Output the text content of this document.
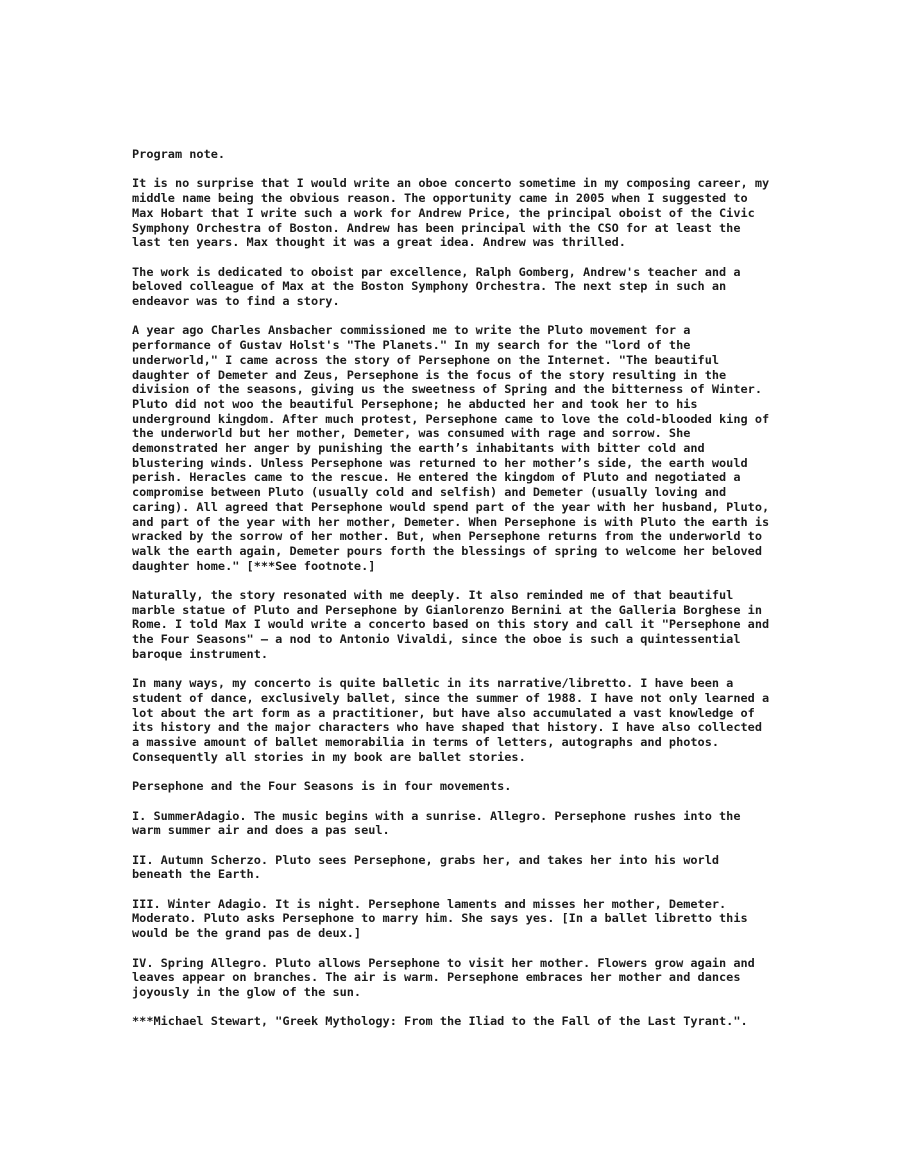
Program note.

It is no surprise that I would write an oboe concerto sometime in my composing career, my
middle name being the obvious reason. The opportunity came in 2005 when I suggested to
Max Hobart that I write such a work for Andrew Price, the principal oboist of the Civic
Symphony Orchestra of Boston. Andrew has been principal with the CSO for at least the
last ten years. Max thought it was a great idea. Andrew was thrilled.

The work is dedicated to oboist par excellence, Ralph Gomberg, Andrew's teacher and a
beloved colleague of Max at the Boston Symphony Orchestra. The next step in such an
endeavor was to find a story.

A year ago Charles Ansbacher commissioned me to write the Pluto movement for a
performance of Gustav Holst's "The Planets." In my search for the "lord of the
underworld," I came across the story of Persephone on the Internet. "The beautiful
daughter of Demeter and Zeus, Persephone is the focus of the story resulting in the
division of the seasons, giving us the sweetness of Spring and the bitterness of Winter.
Pluto did not woo the beautiful Persephone; he abducted her and took her to his
underground kingdom. After much protest, Persephone came to love the cold-blooded king of
the underworld but her mother, Demeter, was consumed with rage and sorrow. She
demonstrated her anger by punishing the earth’s inhabitants with bitter cold and
blustering winds. Unless Persephone was returned to her mother’s side, the earth would
perish. Heracles came to the rescue. He entered the kingdom of Pluto and negotiated a
compromise between Pluto (usually cold and selfish) and Demeter (usually loving and
caring). All agreed that Persephone would spend part of the year with her husband, Pluto,
and part of the year with her mother, Demeter. When Persephone is with Pluto the earth is
wracked by the sorrow of her mother. But, when Persephone returns from the underworld to
walk the earth again, Demeter pours forth the blessings of spring to welcome her beloved
daughter home." [***See footnote.]

Naturally, the story resonated with me deeply. It also reminded me of that beautiful
marble statue of Pluto and Persephone by Gianlorenzo Bernini at the Galleria Borghese in
Rome. I told Max I would write a concerto based on this story and call it "Persephone and
the Four Seasons" – a nod to Antonio Vivaldi, since the oboe is such a quintessential
baroque instrument.

In many ways, my concerto is quite balletic in its narrative/libretto. I have been a
student of dance, exclusively ballet, since the summer of 1988. I have not only learned a
lot about the art form as a practitioner, but have also accumulated a vast knowledge of
its history and the major characters who have shaped that history. I have also collected
a massive amount of ballet memorabilia in terms of letters, autographs and photos.
Consequently all stories in my book are ballet stories.

Persephone and the Four Seasons is in four movements.

I. SummerAdagio. The music begins with a sunrise. Allegro. Persephone rushes into the
warm summer air and does a pas seul.

II. Autumn Scherzo. Pluto sees Persephone, grabs her, and takes her into his world
beneath the Earth.

III. Winter Adagio. It is night. Persephone laments and misses her mother, Demeter.
Moderato. Pluto asks Persephone to marry him. She says yes. [In a ballet libretto this
would be the grand pas de deux.]

IV. Spring Allegro. Pluto allows Persephone to visit her mother. Flowers grow again and
leaves appear on branches. The air is warm. Persephone embraces her mother and dances
joyously in the glow of the sun.

***Michael Stewart, "Greek Mythology: From the Iliad to the Fall of the Last Tyrant.".
